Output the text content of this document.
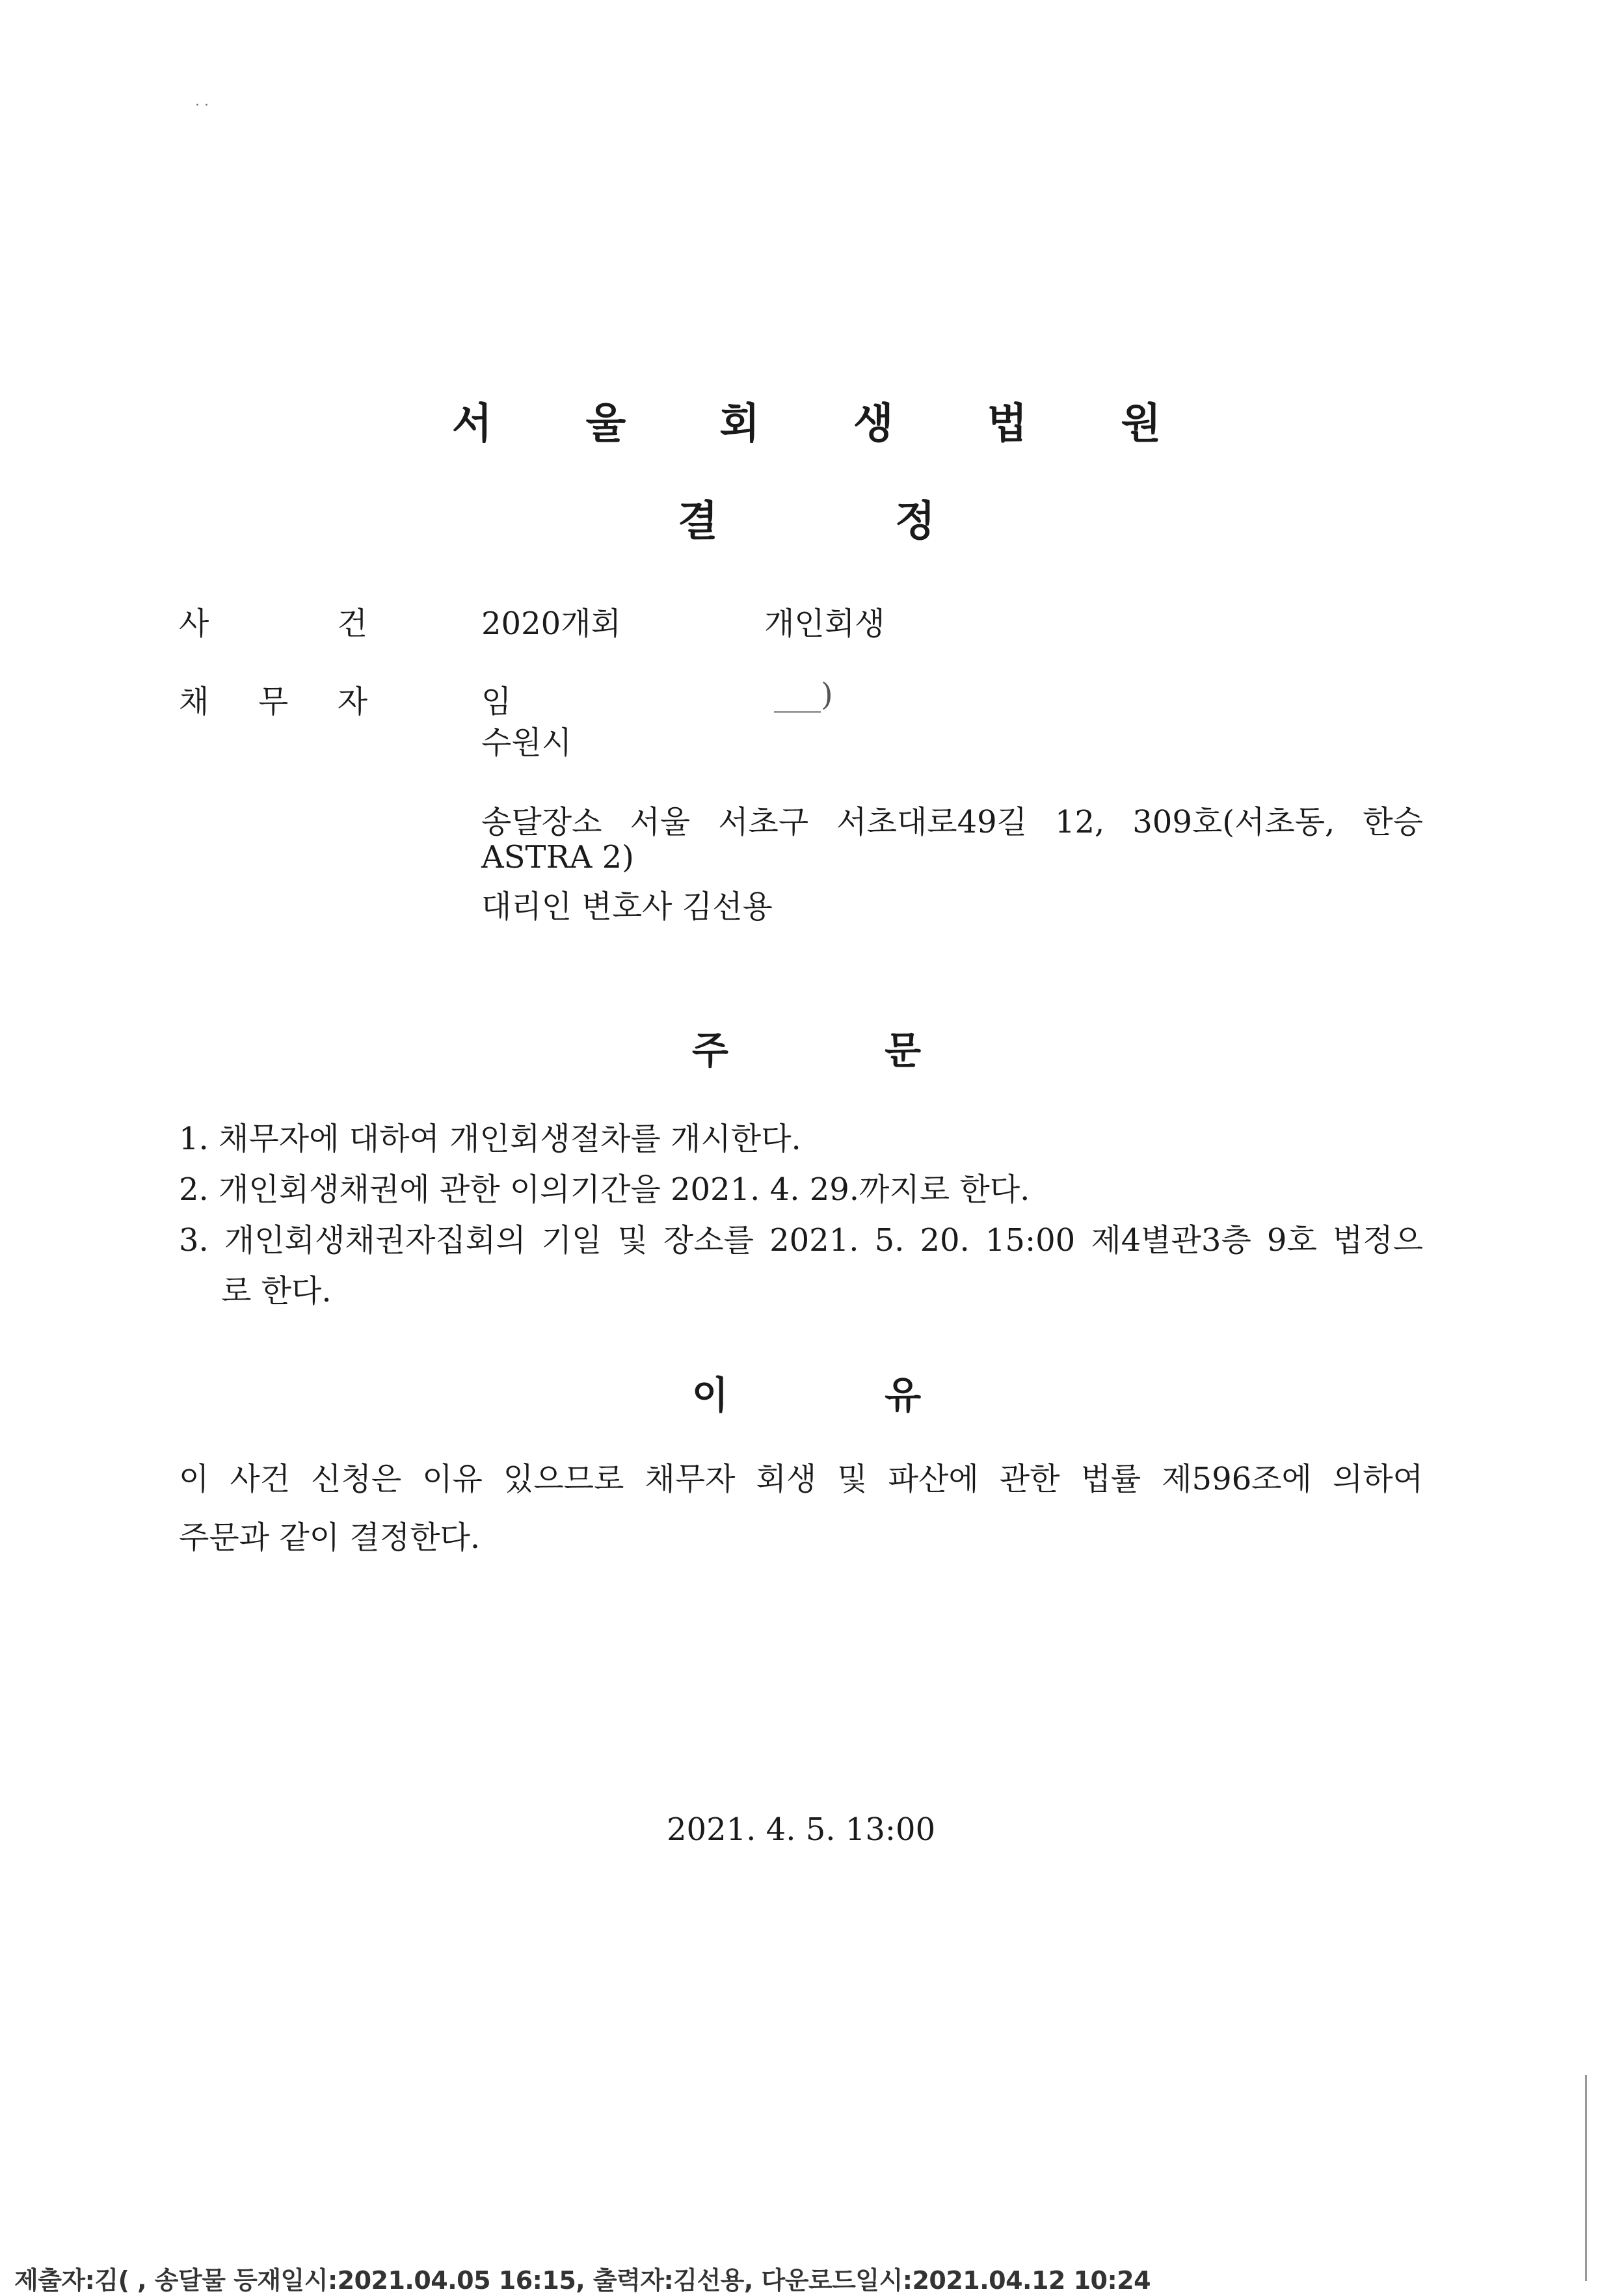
· ·
서 울 회 생 법 원
결 정
사	건	2020개회	개인회생
채 무 자	임	___)
수원시
송달장소 서울 서초구 서초대로49길 12, 309호(서초동, 한승
ASTRA 2)
대리인 변호사 김선용
주 문
1. 채무자에 대하여 개인회생절차를 개시한다.
2. 개인회생채권에 관한 이의기간을 2021. 4. 29.까지로 한다.
3. 개인회생채권자집회의 기일 및 장소를 2021. 5. 20. 15:00 제4별관3층 9호 법정으
로 한다.
이 유
이 사건 신청은 이유 있으므로 채무자 회생 및 파산에 관한 법률 제596조에 의하여
주문과 같이 결정한다.
2021. 4. 5. 13:00
제출자:김( , 송달물 등재일시:2021.04.05 16:15, 출력자:김선용, 다운로드일시:2021.04.12 10:24
